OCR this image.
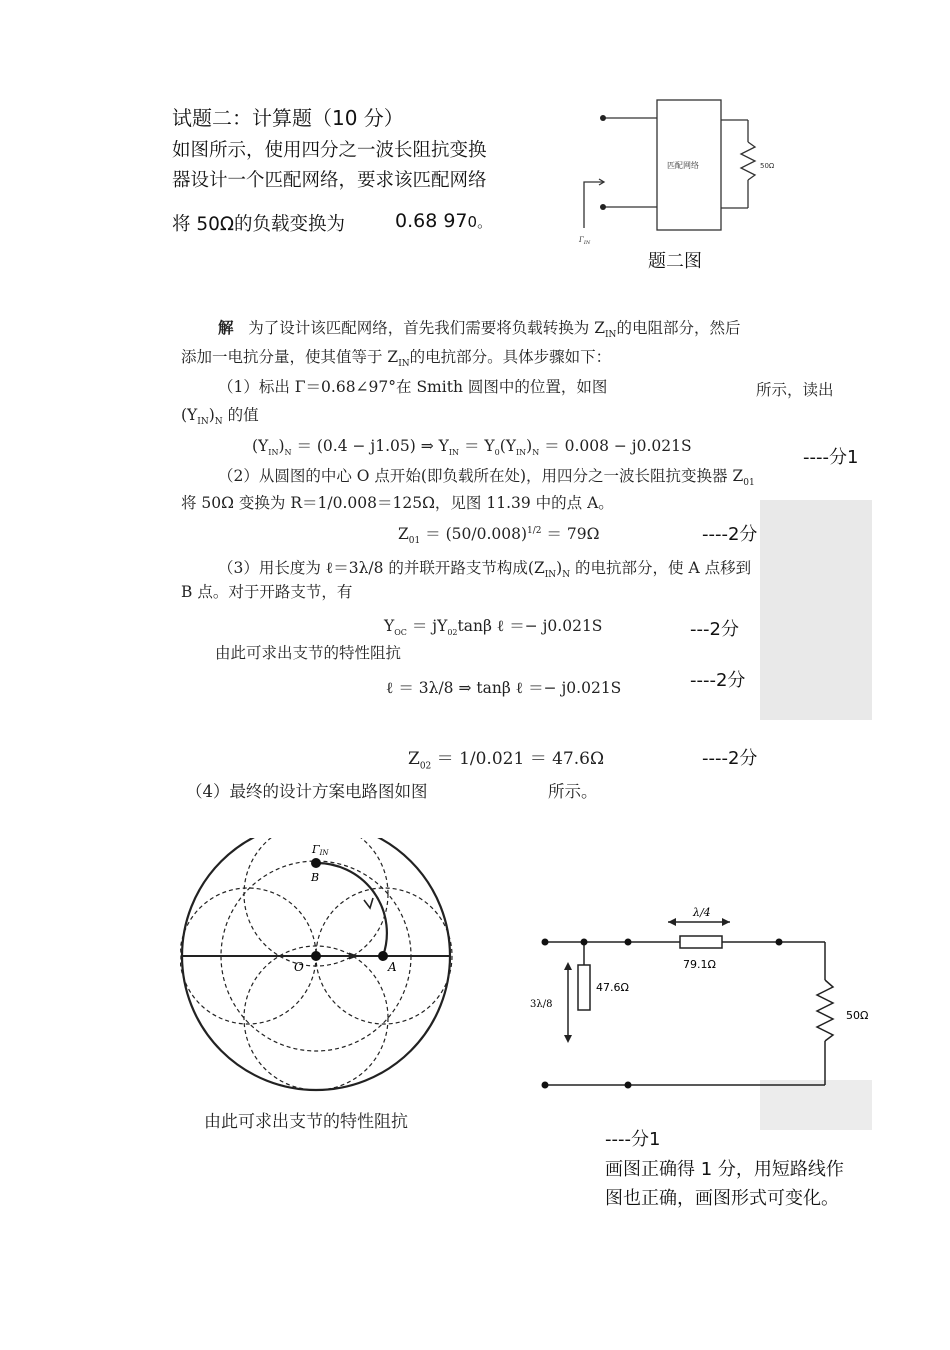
试题二：计算题（10 分）
如图所示，使用四分之一波长阻抗变换
器设计一个匹配网络，要求该匹配网络
将 50Ω的负载变换为	0.68 970。
匹配网络	50Ω
$\Gamma_{IN}$
题二图
解 为了设计该匹配网络，首先我们需要将负载转换为 $Z_{IN}$的电阻部分，然后
添加一电抗分量，使其值等于 $Z_{IN}$的电抗部分。具体步骤如下：
（1）标出 Γ＝0.68∠97°在 Smith 圆图中的位置，如图	所示，读出
$(Y_{IN})_N$ 的值
$(Y_{IN})_N = (0.4 - j1.05)$ ⇒ $Y_{IN} = Y_0(Y_{IN})_N = 0.008 - j0.021S$
----分1
（2）从圆图的中心 O 点开始(即负载所在处)，用四分之一波长阻抗变换器 $Z_{01}$
将 50Ω 变换为 R＝1/0.008＝125Ω，见图 11.39 中的点 A。
$Z_{01} = (50/0.008)^{1/2} = 79\Omega$	----2分
（3）用长度为 ℓ＝3λ/8 的并联开路支节构成$(Z_{IN})_N$ 的电抗部分，使 A 点移到
B 点。对于开路支节，有
$Y_{OC} = jY_{02}\tan\beta$ ℓ ＝− j0.021S	---2分
由此可求出支节的特性阻抗
ℓ ＝ 3λ/8 ⇒ tanβ ℓ ＝− j0.021S	----2分
$Z_{02} = 1/0.021 = 47.6\Omega$	----2分
（4）最终的设计方案电路图如图	所示。
ΓIN
B
O	A
由此可求出支节的特性阻抗
λ/4
79.1Ω
47.6Ω
3λ/8
50Ω
----分1
画图正确得 1 分，用短路线作
图也正确，画图形式可变化。
